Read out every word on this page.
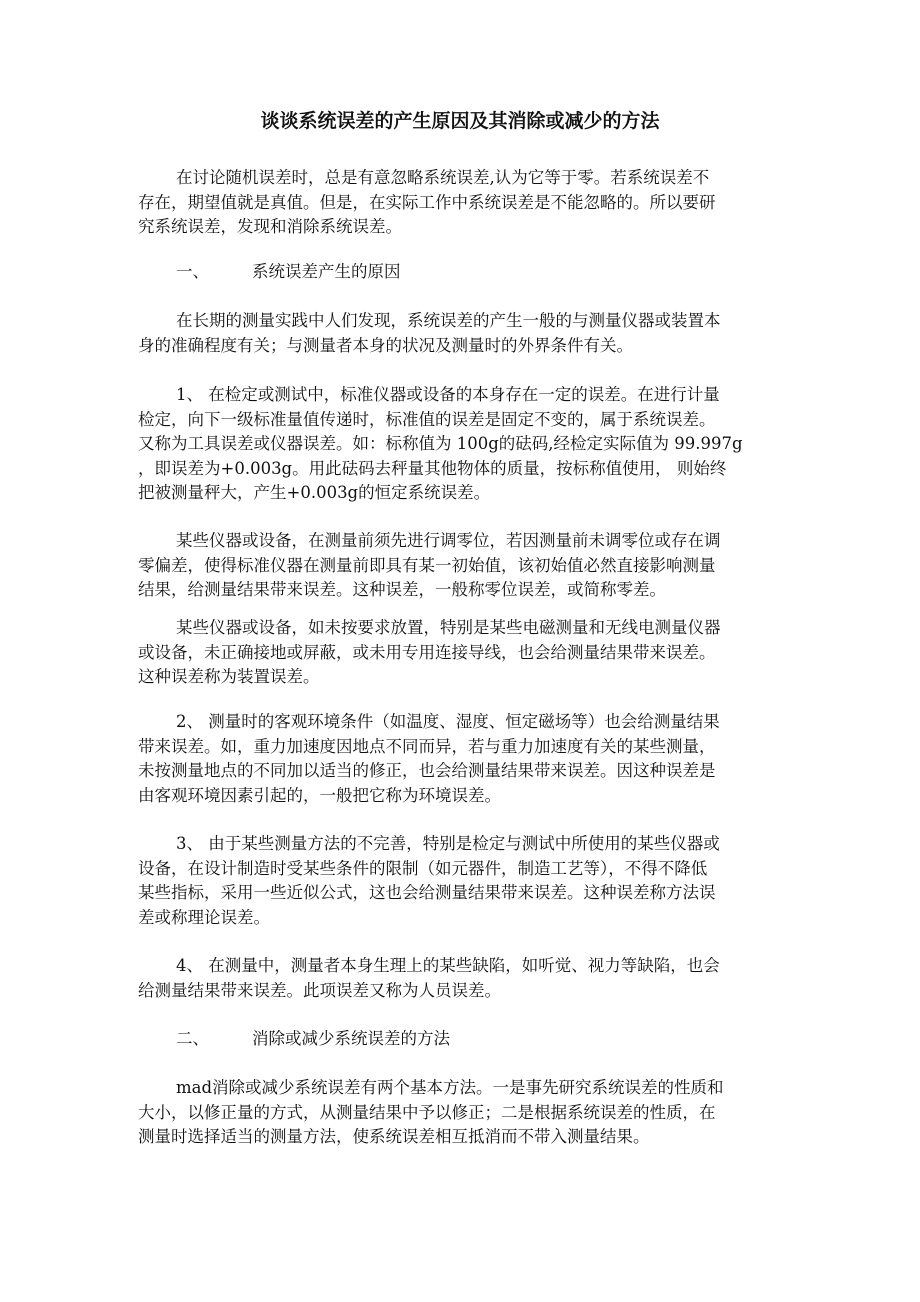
谈谈系统误差的产生原因及其消除或减少的方法
在讨论随机误差时，总是有意忽略系统误差,认为它等于零。若系统误差不
存在，期望值就是真值。但是，在实际工作中系统误差是不能忽略的。所以要研
究系统误差，发现和消除系统误差。
一、	系统误差产生的原因
在长期的测量实践中人们发现，系统误差的产生一般的与测量仪器或装置本
身的准确程度有关；与测量者本身的状况及测量时的外界条件有关。
1、 在检定或测试中，标准仪器或设备的本身存在一定的误差。在进行计量
检定，向下一级标准量值传递时，标准值的误差是固定不变的，属于系统误差。
又称为工具误差或仪器误差。如：标称值为 100g的砝码,经检定实际值为 99.997g
，即误差为+0.003g。用此砝码去秤量其他物体的质量，按标称值使用， 则始终
把被测量秤大，产生+0.003g的恒定系统误差。
某些仪器或设备，在测量前须先进行调零位，若因测量前未调零位或存在调
零偏差，使得标准仪器在测量前即具有某一初始值，该初始值必然直接影响测量
结果，给测量结果带来误差。这种误差，一般称零位误差，或简称零差。
某些仪器或设备，如未按要求放置，特别是某些电磁测量和无线电测量仪器
或设备，未正确接地或屏蔽，或未用专用连接导线，也会给测量结果带来误差。
这种误差称为装置误差。
2、 测量时的客观环境条件（如温度、湿度、恒定磁场等）也会给测量结果
带来误差。如，重力加速度因地点不同而异，若与重力加速度有关的某些测量，
未按测量地点的不同加以适当的修正，也会给测量结果带来误差。因这种误差是
由客观环境因素引起的，一般把它称为环境误差。
3、 由于某些测量方法的不完善，特别是检定与测试中所使用的某些仪器或
设备，在设计制造时受某些条件的限制（如元器件，制造工艺等），不得不降低
某些指标，采用一些近似公式，这也会给测量结果带来误差。这种误差称方法误
差或称理论误差。
4、 在测量中，测量者本身生理上的某些缺陷，如听觉、视力等缺陷，也会
给测量结果带来误差。此项误差又称为人员误差。
二、	消除或减少系统误差的方法
mad消除或减少系统误差有两个基本方法。一是事先研究系统误差的性质和
大小，以修正量的方式，从测量结果中予以修正；二是根据系统误差的性质，在
测量时选择适当的测量方法，使系统误差相互抵消而不带入测量结果。
